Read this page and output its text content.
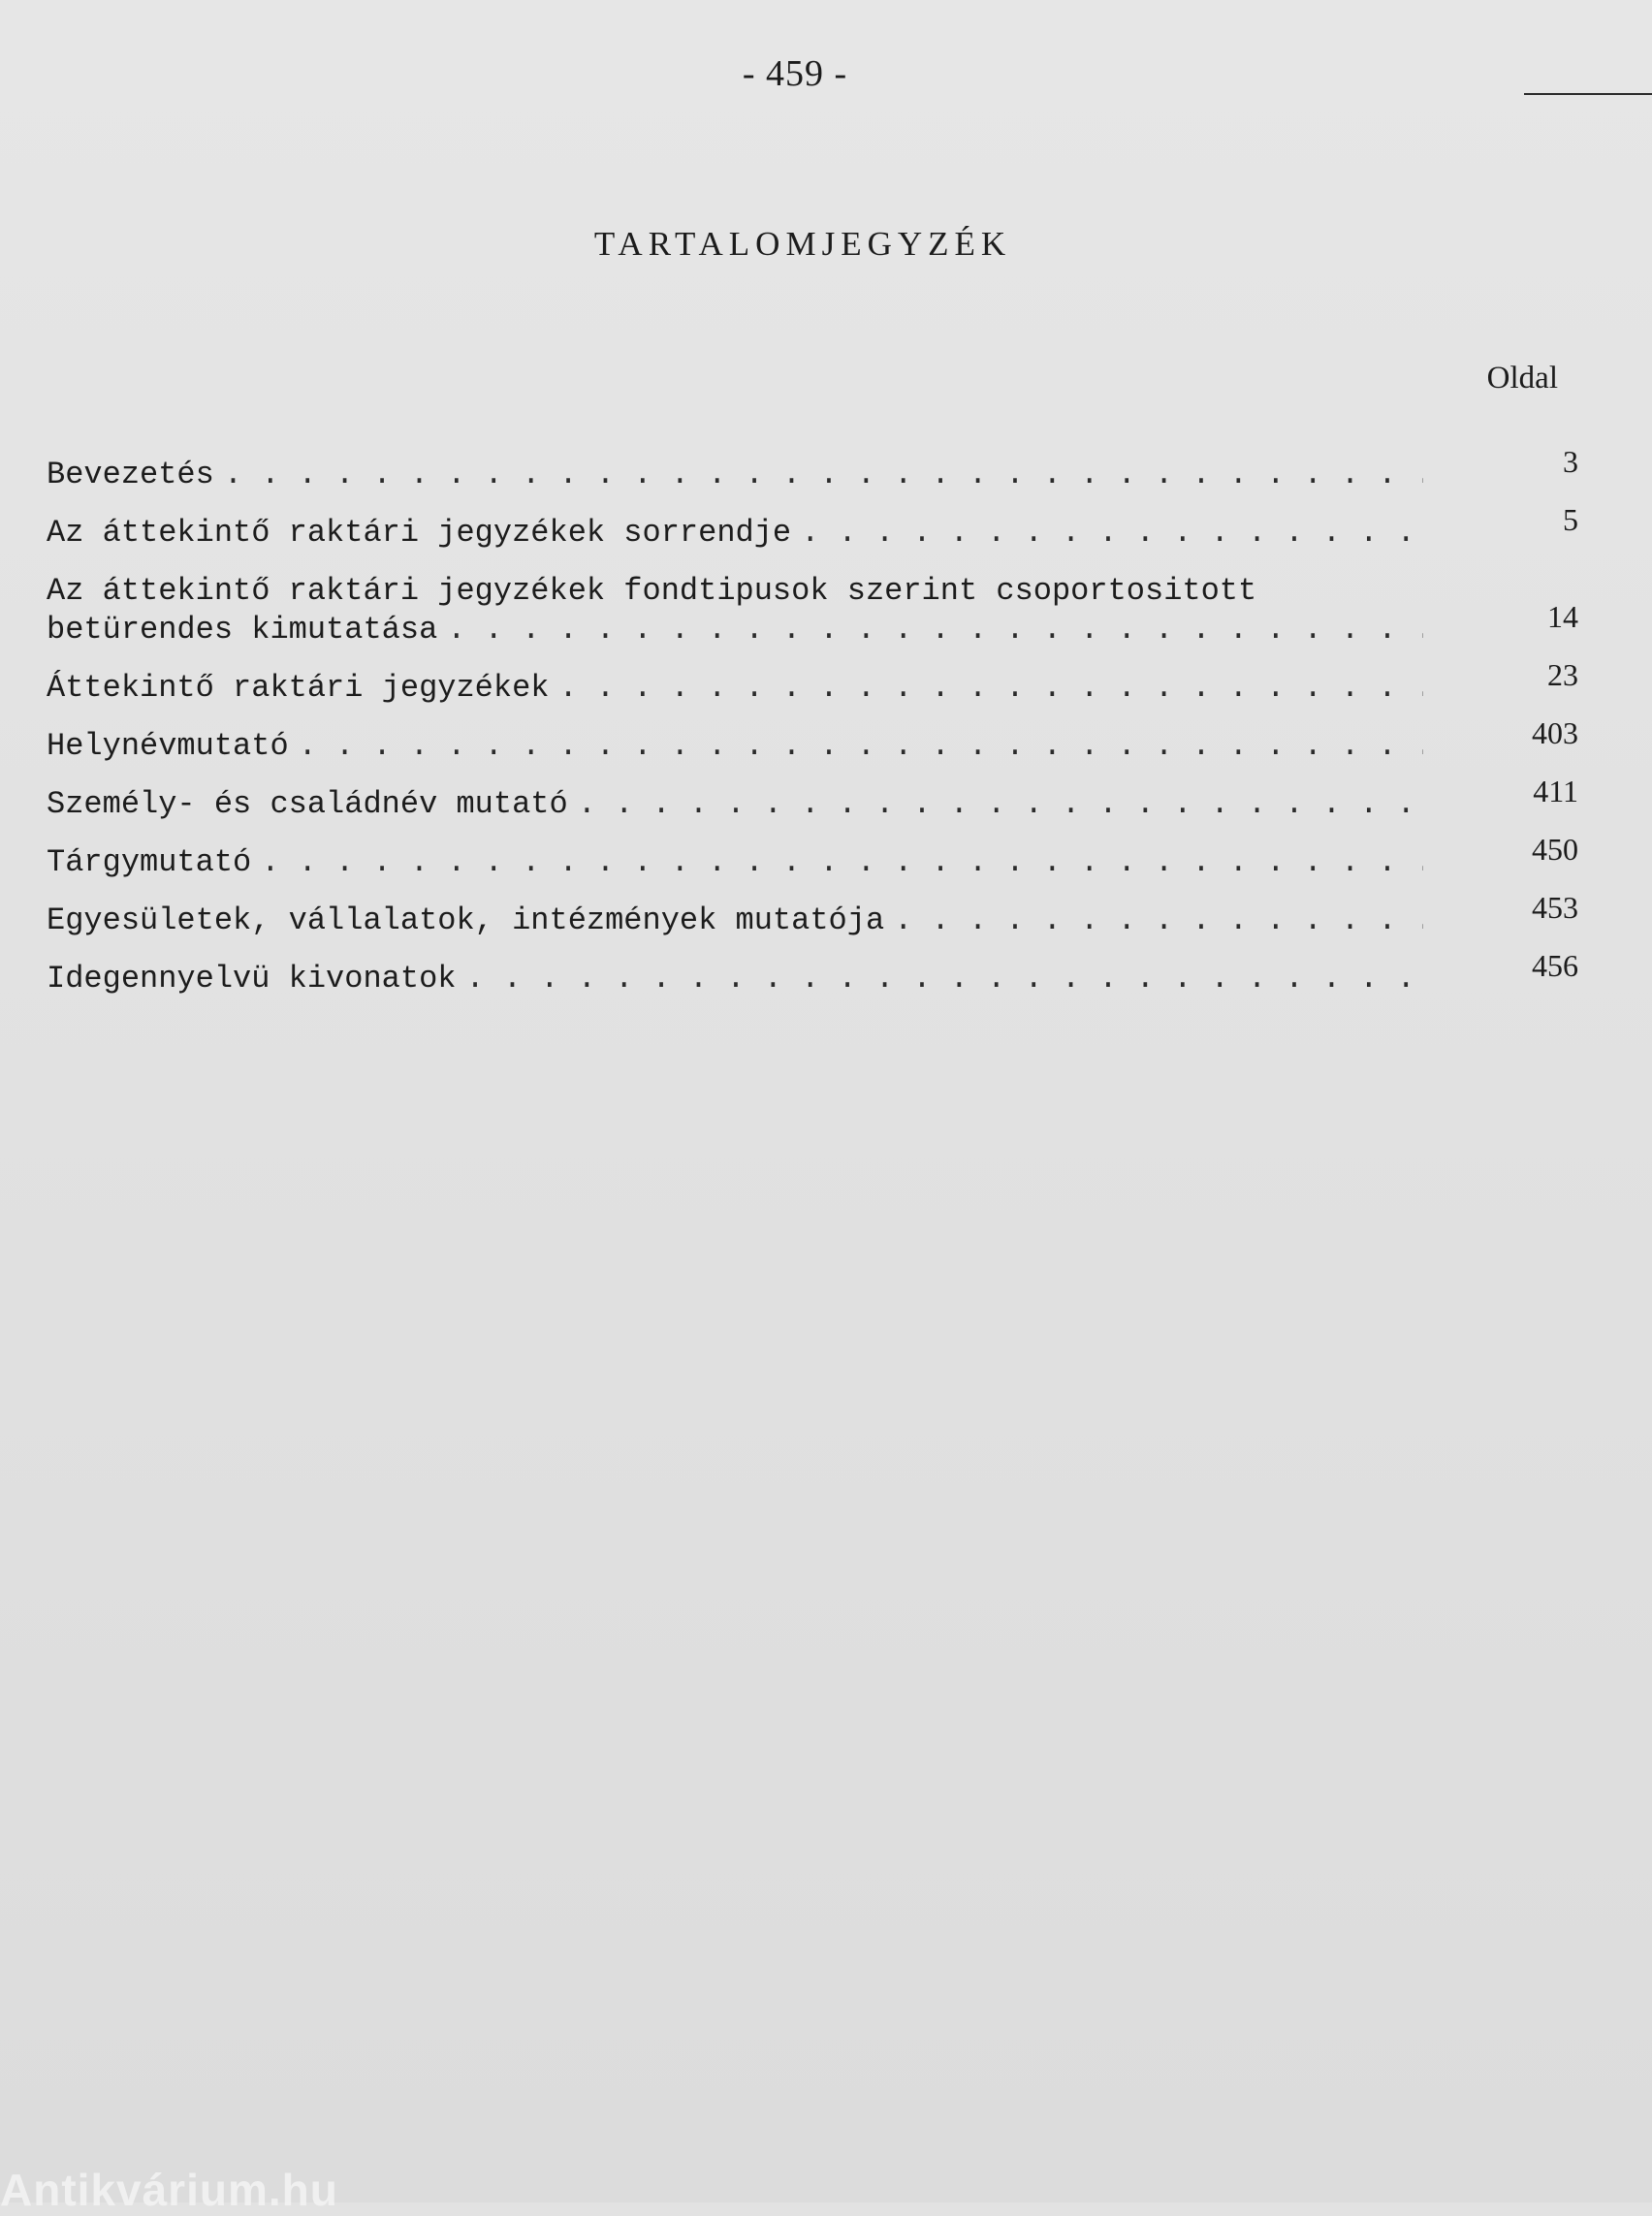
- 459 -
TARTALOMJEGYZÉK
Oldal
Bevezetés . . .	3
Az áttekintő raktári jegyzékek sorrendje . . .	5
Az áttekintő raktári jegyzékek fondtipusok szerint csoportositott
betürendes kimutatása . . .	14
Áttekintő raktári jegyzékek . . .	23
Helynévmutató . . .	403
Személy- és családnév mutató . . .	411
Tárgymutató . . .	450
Egyesületek, vállalatok, intézmények mutatója . . .	453
Idegennyelvü kivonatok . . .	456
Antikvárium.hu
